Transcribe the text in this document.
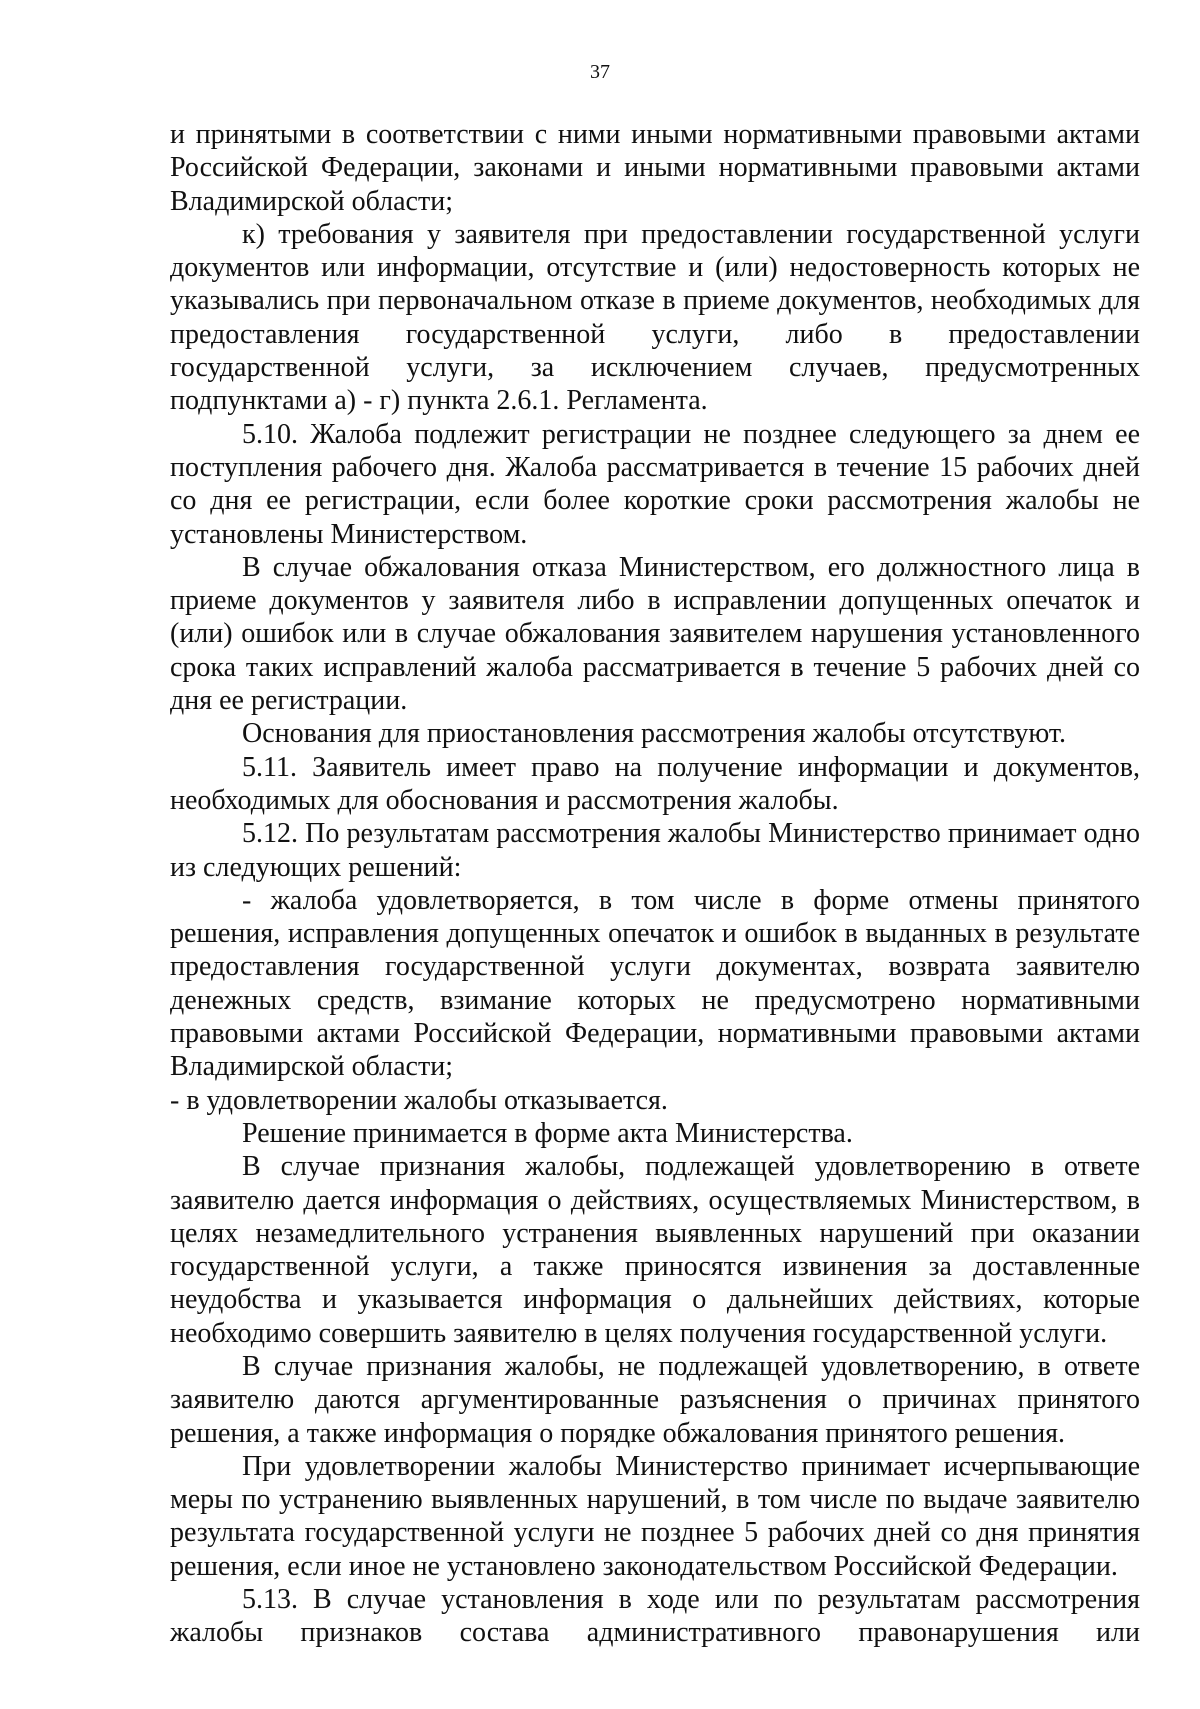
37

и принятыми в соответствии с ними иными нормативными правовыми актами Российской Федерации, законами и иными нормативными правовыми актами Владимирской области;

к) требования у заявителя при предоставлении государственной услуги документов или информации, отсутствие и (или) недостоверность которых не указывались при первоначальном отказе в приеме документов, необходимых для предоставления государственной услуги, либо в предоставлении государственной услуги, за исключением случаев, предусмотренных подпунктами а) - г) пункта 2.6.1. Регламента.

5.10. Жалоба подлежит регистрации не позднее следующего за днем ее поступления рабочего дня. Жалоба рассматривается в течение 15 рабочих дней со дня ее регистрации, если более короткие сроки рассмотрения жалобы не установлены Министерством.

В случае обжалования отказа Министерством, его должностного лица в приеме документов у заявителя либо в исправлении допущенных опечаток и (или) ошибок или в случае обжалования заявителем нарушения установленного срока таких исправлений жалоба рассматривается в течение 5 рабочих дней со дня ее регистрации.

Основания для приостановления рассмотрения жалобы отсутствуют.

5.11. Заявитель имеет право на получение информации и документов, необходимых для обоснования и рассмотрения жалобы.

5.12. По результатам рассмотрения жалобы Министерство принимает одно из следующих решений:

- жалоба удовлетворяется, в том числе в форме отмены принятого решения, исправления допущенных опечаток и ошибок в выданных в результате предоставления государственной услуги документах, возврата заявителю денежных средств, взимание которых не предусмотрено нормативными правовыми актами Российской Федерации, нормативными правовыми актами Владимирской области;

- в удовлетворении жалобы отказывается.

Решение принимается в форме акта Министерства.

В случае признания жалобы, подлежащей удовлетворению в ответе заявителю дается информация о действиях, осуществляемых Министерством, в целях незамедлительного устранения выявленных нарушений при оказании государственной услуги, а также приносятся извинения за доставленные неудобства и указывается информация о дальнейших действиях, которые необходимо совершить заявителю в целях получения государственной услуги.

В случае признания жалобы, не подлежащей удовлетворению, в ответе заявителю даются аргументированные разъяснения о причинах принятого решения, а также информация о порядке обжалования принятого решения.

При удовлетворении жалобы Министерство принимает исчерпывающие меры по устранению выявленных нарушений, в том числе по выдаче заявителю результата государственной услуги не позднее 5 рабочих дней со дня принятия решения, если иное не установлено законодательством Российской Федерации.

5.13. В случае установления в ходе или по результатам рассмотрения жалобы признаков состава административного правонарушения или
